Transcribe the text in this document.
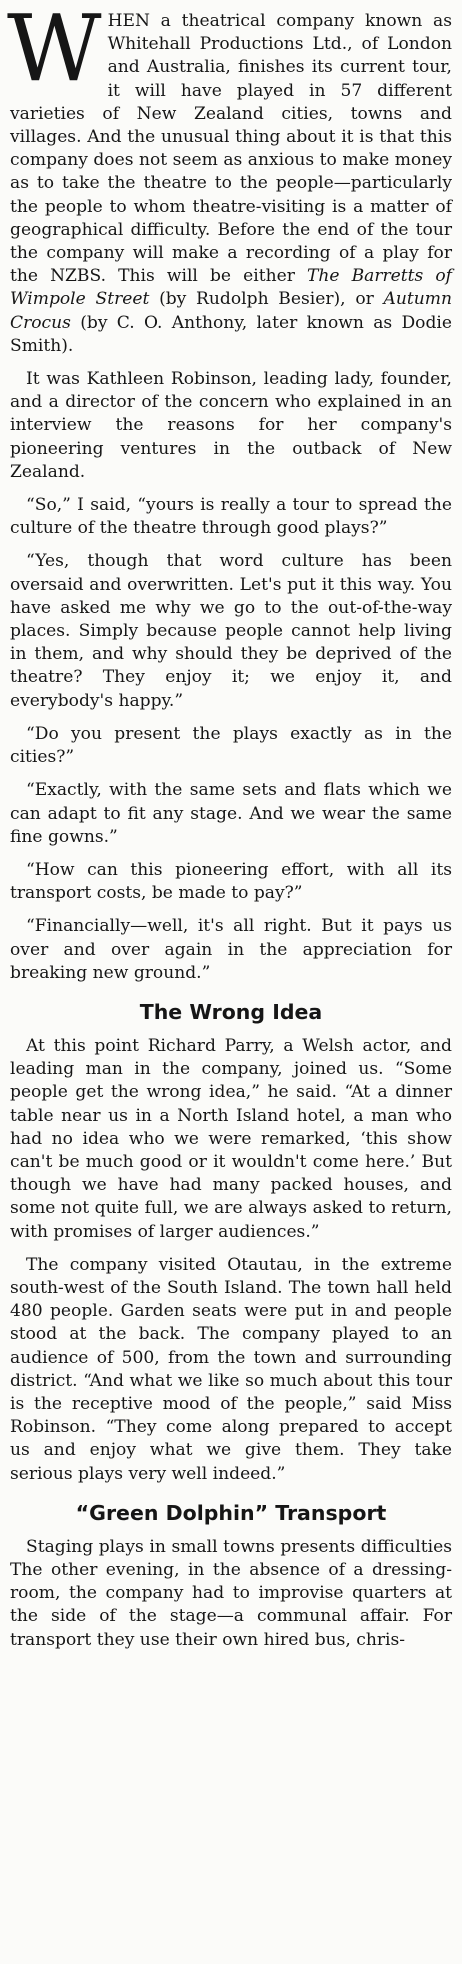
WHEN a theatrical company known as Whitehall Productions Ltd., of London and Australia, finishes its current tour, it will have played in 57 different varieties of New Zealand cities, towns and villages. And the unusual thing about it is that this company does not seem as anxious to make money as to take the theatre to the people—particularly the people to whom theatre-visiting is a matter of geographical difficulty. Before the end of the tour the company will make a recording of a play for the NZBS. This will be either The Barretts of Wimpole Street (by Rudolph Besier), or Autumn Crocus (by C. O. Anthony, later known as Dodie Smith).

It was Kathleen Robinson, leading lady, founder, and a director of the concern who explained in an interview the reasons for her company's pioneering ventures in the outback of New Zealand.

“So,” I said, “yours is really a tour to spread the culture of the theatre through good plays?”

“Yes, though that word culture has been oversaid and overwritten. Let's put it this way. You have asked me why we go to the out-of-the-way places. Simply because people cannot help living in them, and why should they be deprived of the theatre? They enjoy it; we enjoy it, and everybody's happy.”

“Do you present the plays exactly as in the cities?”

“Exactly, with the same sets and flats which we can adapt to fit any stage. And we wear the same fine gowns.”

“How can this pioneering effort, with all its transport costs, be made to pay?”

“Financially—well, it's all right. But it pays us over and over again in the appreciation for breaking new ground.”

The Wrong Idea

At this point Richard Parry, a Welsh actor, and leading man in the company, joined us. “Some people get the wrong idea,” he said. “At a dinner table near us in a North Island hotel, a man who had no idea who we were remarked, ‘this show can't be much good or it wouldn't come here.’ But though we have had many packed houses, and some not quite full, we are always asked to return, with promises of larger audiences.”

The company visited Otautau, in the extreme south-west of the South Island. The town hall held 480 people. Garden seats were put in and people stood at the back. The company played to an audience of 500, from the town and surrounding district. “And what we like so much about this tour is the receptive mood of the people,” said Miss Robinson. “They come along prepared to accept us and enjoy what we give them. They take serious plays very well indeed.”

“Green Dolphin” Transport

Staging plays in small towns presents difficulties The other evening, in the absence of a dressing-room, the company had to improvise quarters at the side of the stage—a communal affair. For transport they use their own hired bus, chris-
